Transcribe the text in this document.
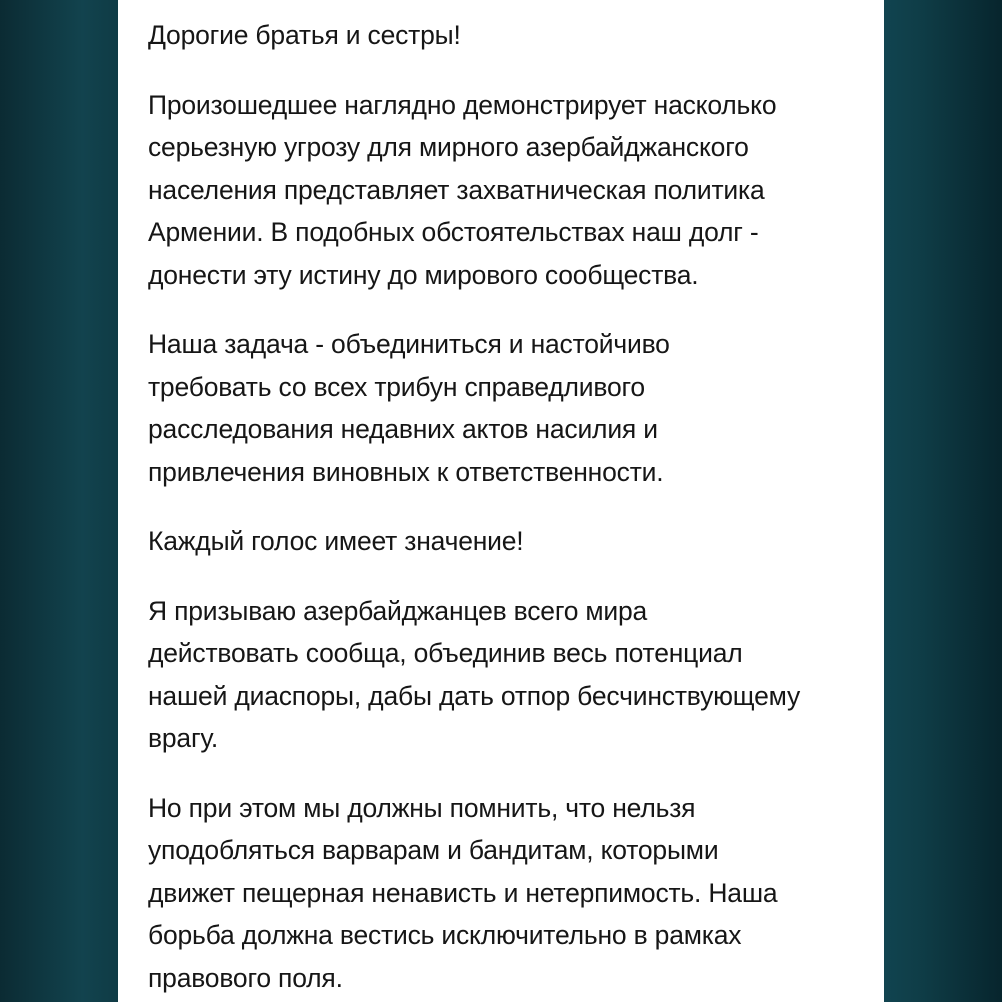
Дорогие братья и сестры!

Произошедшее наглядно демонстрирует насколько
серьезную угрозу для мирного азербайджанского
населения представляет захватническая политика
Армении. В подобных обстоятельствах наш долг -
донести эту истину до мирового сообщества.

Наша задача - объединиться и настойчиво
требовать со всех трибун справедливого
расследования недавних актов насилия и
привлечения виновных к ответственности.

Каждый голос имеет значение!

Я призываю азербайджанцев всего мира
действовать сообща, объединив весь потенциал
нашей диаспоры, дабы дать отпор бесчинствующему
врагу.

Но при этом мы должны помнить, что нельзя
уподобляться варварам и бандитам, которыми
движет пещерная ненависть и нетерпимость. Наша
борьба должна вестись исключительно в рамках
правового поля.
